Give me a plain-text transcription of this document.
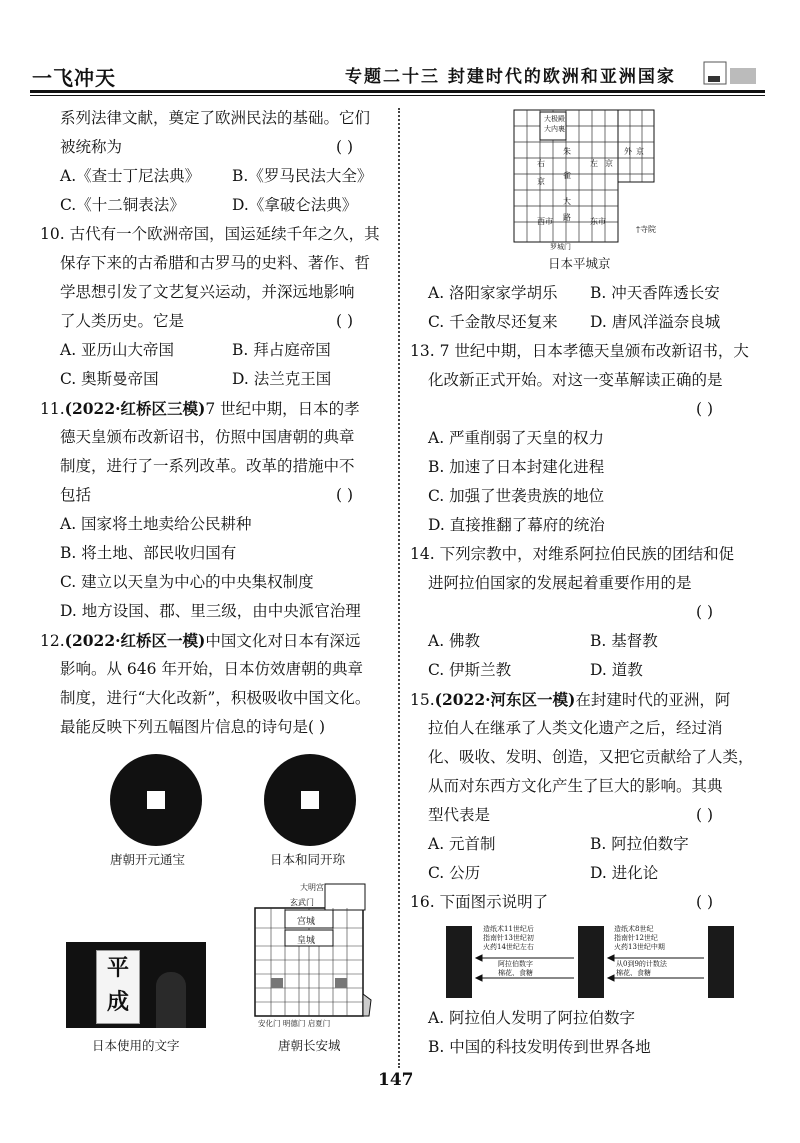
一飞冲天	专题二十三 封建时代的欧洲和亚洲国家
系列法律文献，奠定了欧洲民法的基础。它们
被统称为	( )
A.《查士丁尼法典》 B.《罗马民法大全》
C.《十二铜表法》	D.《拿破仑法典》
10. 古代有一个欧洲帝国，国运延续千年之久，其
保存下来的古希腊和古罗马的史料、著作、哲
学思想引发了文艺复兴运动，并深远地影响
了人类历史。它是	( )
A. 亚历山大帝国	B. 拜占庭帝国
C. 奥斯曼帝国	D. 法兰克王国
11.(2022·红桥区三模)7 世纪中期，日本的孝
德天皇颁布改新诏书，仿照中国唐朝的典章
制度，进行了一系列改革。改革的措施中不
包括	( )
A. 国家将土地卖给公民耕种
B. 将土地、部民收归国有
C. 建立以天皇为中心的中央集权制度
D. 地方设国、郡、里三级，由中央派官治理
12.(2022·红桥区一模)中国文化对日本有深远
影响。从 646 年开始，日本仿效唐朝的典章
制度，进行“大化改新”，积极吸收中国文化。
最能反映下列五幅图片信息的诗句是( )
唐朝开元通宝	日本和同开珎
平
成
日本使用的文字
大明宫
玄武门
宫城
皇城
安化门 明德门 启夏门
唐朝长安城
大极殿
大内裏
朱
右
京
雀
左 京
大
路 东市
西市
外 京
罗城门
†寺院
日本平城京
A. 洛阳家家学胡乐 B. 冲天香阵透长安
C. 千金散尽还复来 D. 唐风洋溢奈良城
13. 7 世纪中期，日本孝德天皇颁布改新诏书，大
化改新正式开始。对这一变革解读正确的是
( )
A. 严重削弱了天皇的权力
B. 加速了日本封建化进程
C. 加强了世袭贵族的地位
D. 直接推翻了幕府的统治
14. 下列宗教中，对维系阿拉伯民族的团结和促
进阿拉伯国家的发展起着重要作用的是
( )
A. 佛教	B. 基督教
C. 伊斯兰教	D. 道教
15.(2022·河东区一模)在封建时代的亚洲，阿
拉伯人在继承了人类文化遗产之后，经过消
化、吸收、发明、创造，又把它贡献给了人类，
从而对东西方文化产生了巨大的影响。其典
型代表是	( )
A. 元首制	B. 阿拉伯数字
C. 公历	D. 进化论
16. 下面图示说明了	( )
造纸术11世纪后
指南针13世纪初
火药14世纪左右
造纸术8世纪
指南针12世纪
火药13世纪中期
阿拉伯数字
棉花、食糖
从0到9的计数法
棉花、食糖
A. 阿拉伯人发明了阿拉伯数字
B. 中国的科技发明传到世界各地
147
